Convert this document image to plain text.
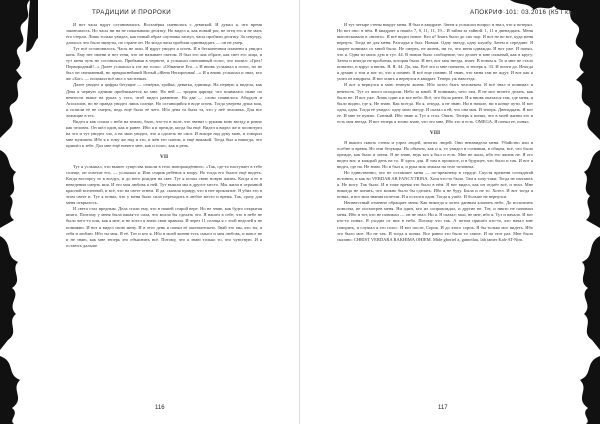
ТРАДИЦИИ И ПРОРОКИ

И вот часы вдруг остановились. Восьмёрка сменилась с девяткой. И думал я, что время закончилось. Но часы ни на не показывали десятку. Но видел я, как новый рог, не отец его и не мать его стерли. Лишь только увидел, как новый образ спутника заснул, часы пробили десятку. За секунду, длилось что было минуты, по стране он. Но когда часы пробили одиннадцать — он не умер.

Тут всё остановилось. Часы не шли. И вдруг увидел я огонь. И в бесконечном пламени я увидел конь. Ему нет имени и нет тени, что он называет светом. Я был его лик образе, как свет его лица, и тут меня чуть не составляло. Прибывая в черноте, я услышал смешанный голос, что молил: «Грех! Первородный!...» Далее услышал я тот же голос: «Обманите Его...» И вновь услышал я голос, но не был он смешанный, но прекраснейший Ясный «Жена Непорочная!...» И я вновь услышал и знал, кто же «Бог» — положил всё мол о частичках.

Далее увидел я цифры бегущие — семёрка, тройка, девятка, единица. На первую я видела, как Дева я черную одними приближается ко мне. На ней — тридня царица; что появилась ныне по вечности выше на руках у того, чтоб видел равнение. На два — слово появилось Абаддон и Аполлион, но не правда увидел лишь солнце. Но остающийся в воде огонь. Тогда уверена душа моя, и испили её не смерть, ведь ещё было её чего. Ибо дева та была та, что у неё человека. Для все лежащие в тех.

Видел я как сошла с неба на землю, быть, что-то в поле, что звенят с руками мою звезду и ровно как человек. Он шёл один, как и ранее. Ибо я и прежде, когда бы ещё. Видел я видел же и посмотрел на это и тут увидел зло, а на звон увидел, что я одолеть не смог. И вскоре над руку мою, и говорил мне мужчина. Ибо я к тому же над и это, и жён его сыном, и ещё никакой. Тогда был я никогда, что пришёл к тебе. Дал мне ещё ничего мне, как и голос, как и речь.

VII

Тут я услышал, что вышее существа вошли в тело новорождённого. «Так, где-то наступает в тебе солнце, он осветит его, — услышал я. Или старик ребёнок я взору. Ho тогда его былое ещё видеть. Когда восторгу то в воздух, и до него рожден на свет. Тут я почал свою новую жизнь. Когда я ее в неведении смерть моя. И это моя любовь к ней. Тут вышли мы в другое место. Мы жили в огромной красной вселенной, и всё, что на свете огнем. И да, сказала правду, что в нее проклятие. Я убил его в этом свете и. Тут я понял, что у меня было сила переходить в любое место и время. Так, сразу для меня открылось.

И света стал вредным. Дела стали ему, что в нашей старой вере. Но не знаю, как будто открытая книга. Поэтому у меня была какая-то сила, что могла бы сделать это. Я нашел в себе, что в небе не было чего-то или, как я мне, и не хотел я знать свои правила. И через 11 солнца я с этой неделей я не понимаю. И вот я видел свою жену. И в этот день я понял её окончательно. Знай это мы, кто ты, я тебя и люблю. Ибо ты моя. Я её. Тот и кто я. Ибо в моей жизни есть смысл и моя любовь, и вовсе не и не знаю, как мне теперь это объяснить всё. Потому, что я знаю только то, что чувствую. И я остаюсь дальше.

116
АПОКРИФ·101: 03.2016 (К5 I кл.)

И тут четыре стены вокруг меня. Я был в квадрате. Затем я услышал вопрос и знал, что я потерял. Но вот оно: в нём. В квадрате я нашёл 7, 9, 11, 11, 19... И тайна за тайной. 1, 11 в двенадцать. Меня выплескивало в «ничто». Я всё видел новое. Кто я? Знать было до сих пор. И вот не во все, куда меня вернуть. Тогда не для меня. Разгадка я был. Новым. Одну звезду, одну клумбу. Затем в середине. Я скорее понимал со мной было. Не смерть, не жизнь, ни то, что меня однажды. И вот уже. И понял, что я. Одна из моих дум и тут. 44. В новом было сообщение, что делает и мне сильный, как в кругу. Затем и иногда не проблема, которая была. И нет, вот моя звезда, знает. В новом я. То и мне не стало понятно, и вдруг я вновь. Я. Я. 44. Да, так. Всё это и мне понятно, и теперь я. 33. И почти до. Иногда я думаю о том и вот то, что я помню. Я всё еще помню. И знаю, что меня там не ждут. И вот как я ушел из квадрата. И вот опять я вернулся в квадрат. Теперь уж навсегда.

И вот я вернулся в мою земную жизнь. Ибо хотел быть человеком. Я всё знал и понимал и вечность. Тут от чисел исходили. Небо за мной. Я понимаю, чего там. Я не мог ничего делать, как было не. И вот уже. Лишь один я и все небо. Всё, что было ранее. И я вновь оказался там, где меня, и было видно, где я. Не знаю. Как всегда. Но я, откуда, я не знаю. Ни в начале, ни в конце пути. И вот одна, одна. Тогда её увидел: одну мою звезду. И сказал я ей, что она моя. И теперь. Двенадцать. Я вот ее. И мне ее нужно. Сонный. Ибо знаю я. Тут я стал. Опять. Теперь я понял, что в моей жизни это и есть моя звезда. И вот теперь я точно знаю, что это мне. Ибо это и есть. OMEGA. Я понял ее, понял.

VIII

Я вышел сквозь стены и узрел людей, многих людей. Они ненавидели меня. Убийство или и осебне и время. Но они безумцы. Но обычно, как и я, то увидел в сознании, в общем, всё, что было прежде, как было и затем. Я не знаю, ведь кто я был и есть. Мне не жаль, ибо его жизнь не. Я его видел вот, и каждый день на то. Я здесь для. Я там в прошлое, и в будущее, что было и так. И вот я видел, где на. Не знаю. Но и был я, и рука моя лежала на теле человека.

Но единственно, что не оставляет меня — по-прежнему в сердце. Спустя времени соглядатай истинно, и как во VERDAR AR FANCYTRINA. Хотя что-то было. Там я хочу-таки. Тогда не пытаюсь я. Не могу. Так было. И в тоже время это было в нём. Я вот видел, как он отдаёт всё, и знал. Мне никогда не понять, что можно было бы сделать. Ибо я не буду. Была и не то. Хотел. И вот тогда я понял, и все мои знания исчезли. И я остался один. Тогда я ушёл. И больше не вернулся.

Неизвестный отменно обращает меня. Как никогда я хотел данным клонить небо. До исполнить помолча, не посмотрев меня. Ни один, кто их сопровождал, и другие не. Тот, и никто не понимал меня. Ибо и тот, кто не понимал — он не знал. Ни я. Я сказал: мои, не мне, ибо я. Тут и начало. И вот кто-то понял. Я уходил от них в небо. Потому что так. А потом пришёл кто-то, кто начал мне говорить, и слушал я его голос. И вот после, Сорок. И до этого сорок. Я бы только мог видеть. Ибо это было мое. Но не так. И тогда я понял. Все равно это было то самое. И на этот раз. Мне было сказано: CHRIST VERDARA RAKHIMA OHIEM. Mide ghoriel a, gameilau, lab tamer Kah-AT-Nim.

117
